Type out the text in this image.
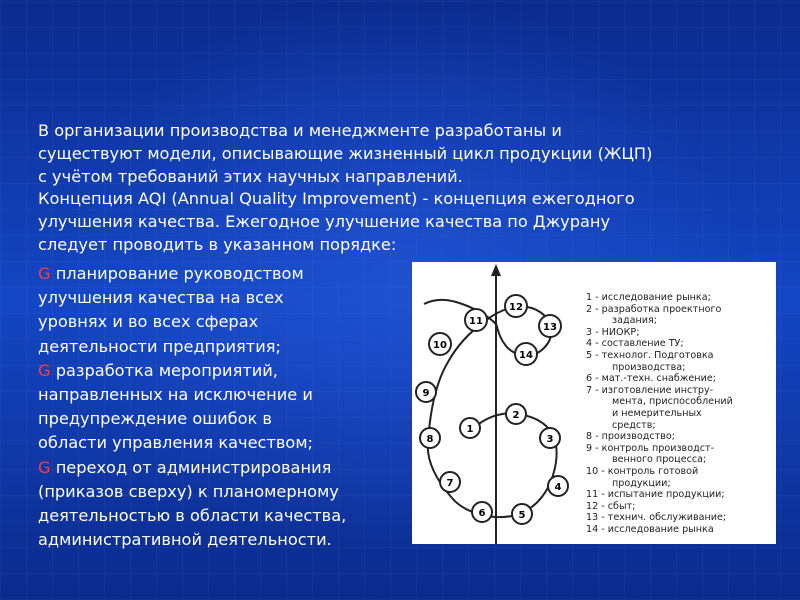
В организации производства и менеджменте разработаны и
существуют модели, описывающие жизненный цикл продукции (ЖЦП)
с учётом требований этих научных направлений.
Концепция AQI (Annual Quality Improvement) - концепция ежегодного
улучшения качества. Ежегодное улучшение качества по Джурану
следует проводить в указанном порядке:
G планирование руководством
улучшения качества на всех
уровнях и во всех сферах
деятельности предприятия;
G разработка мероприятий,
направленных на исключение и
предупреждение ошибок в
области управления качеством;
G переход от администрирования
(приказов сверху) к планомерному
деятельностью в области качества,
административной деятельности.
1
2
3
4
5
6
7
8
9
10
11
12
13
14
1 - исследование рынка;
2 - разработка проектного
задания;
3 - НИОКР;
4 - составление ТУ;
5 - технолог. Подготовка
производства;
6 - мат.-техн. снабжение;
7 - изготовление инстру-
мента, приспособлений
и немерительных
средств;
8 - производство;
9 - контроль производст-
венного процесса;
10 - контроль готовой
продукции;
11 - испытание продукции;
12 - сбыт;
13 - технич. обслуживание;
14 - исследование рынка
